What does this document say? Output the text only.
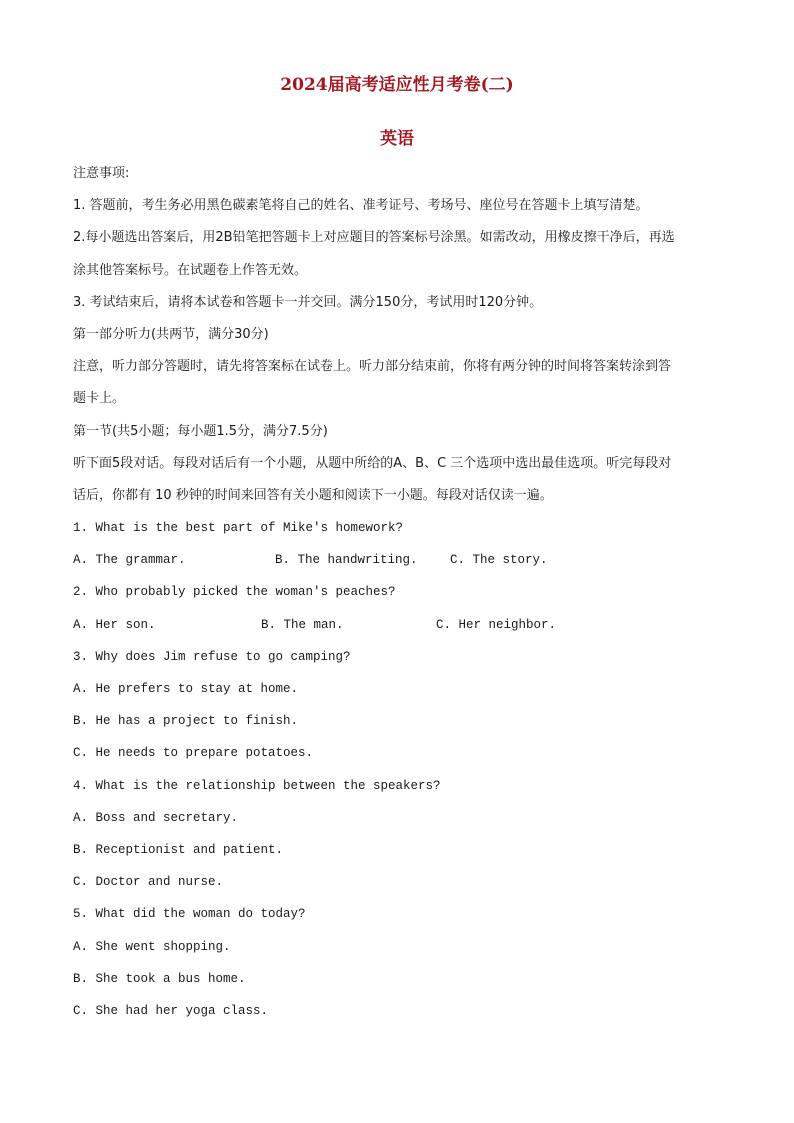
2024届高考适应性月考卷(二)
英语
注意事项:
1. 答题前，考生务必用黑色碳素笔将自己的姓名、准考证号、考场号、座位号在答题卡上填写清楚。
2.每小题选出答案后，用2B铅笔把答题卡上对应题目的答案标号涂黑。如需改动，用橡皮擦干净后，再选
涂其他答案标号。在试题卷上作答无效。
3. 考试结束后，请将本试卷和答题卡一并交回。满分150分，考试用时120分钟。
第一部分听力(共两节，满分30分)
注意，听力部分答题时，请先将答案标在试卷上。听力部分结束前，你将有两分钟的时间将答案转涂到答
题卡上。
第一节(共5小题；每小题1.5分，满分7.5分)
听下面5段对话。每段对话后有一个小题，从题中所给的A、B、C 三个选项中选出最佳选项。听完每段对
话后，你都有 10 秒钟的时间来回答有关小题和阅读下一小题。每段对话仅读一遍。
1. What is the best part of Mike's homework?
A. The grammar.	B. The handwriting.	C. The story.
2. Who probably picked the woman's peaches?
A. Her son.	B. The man.	C. Her neighbor.
3. Why does Jim refuse to go camping?
A. He prefers to stay at home.
B. He has a project to finish.
C. He needs to prepare potatoes.
4. What is the relationship between the speakers?
A. Boss and secretary.
B. Receptionist and patient.
C. Doctor and nurse.
5. What did the woman do today?
A. She went shopping.
B. She took a bus home.
C. She had her yoga class.
